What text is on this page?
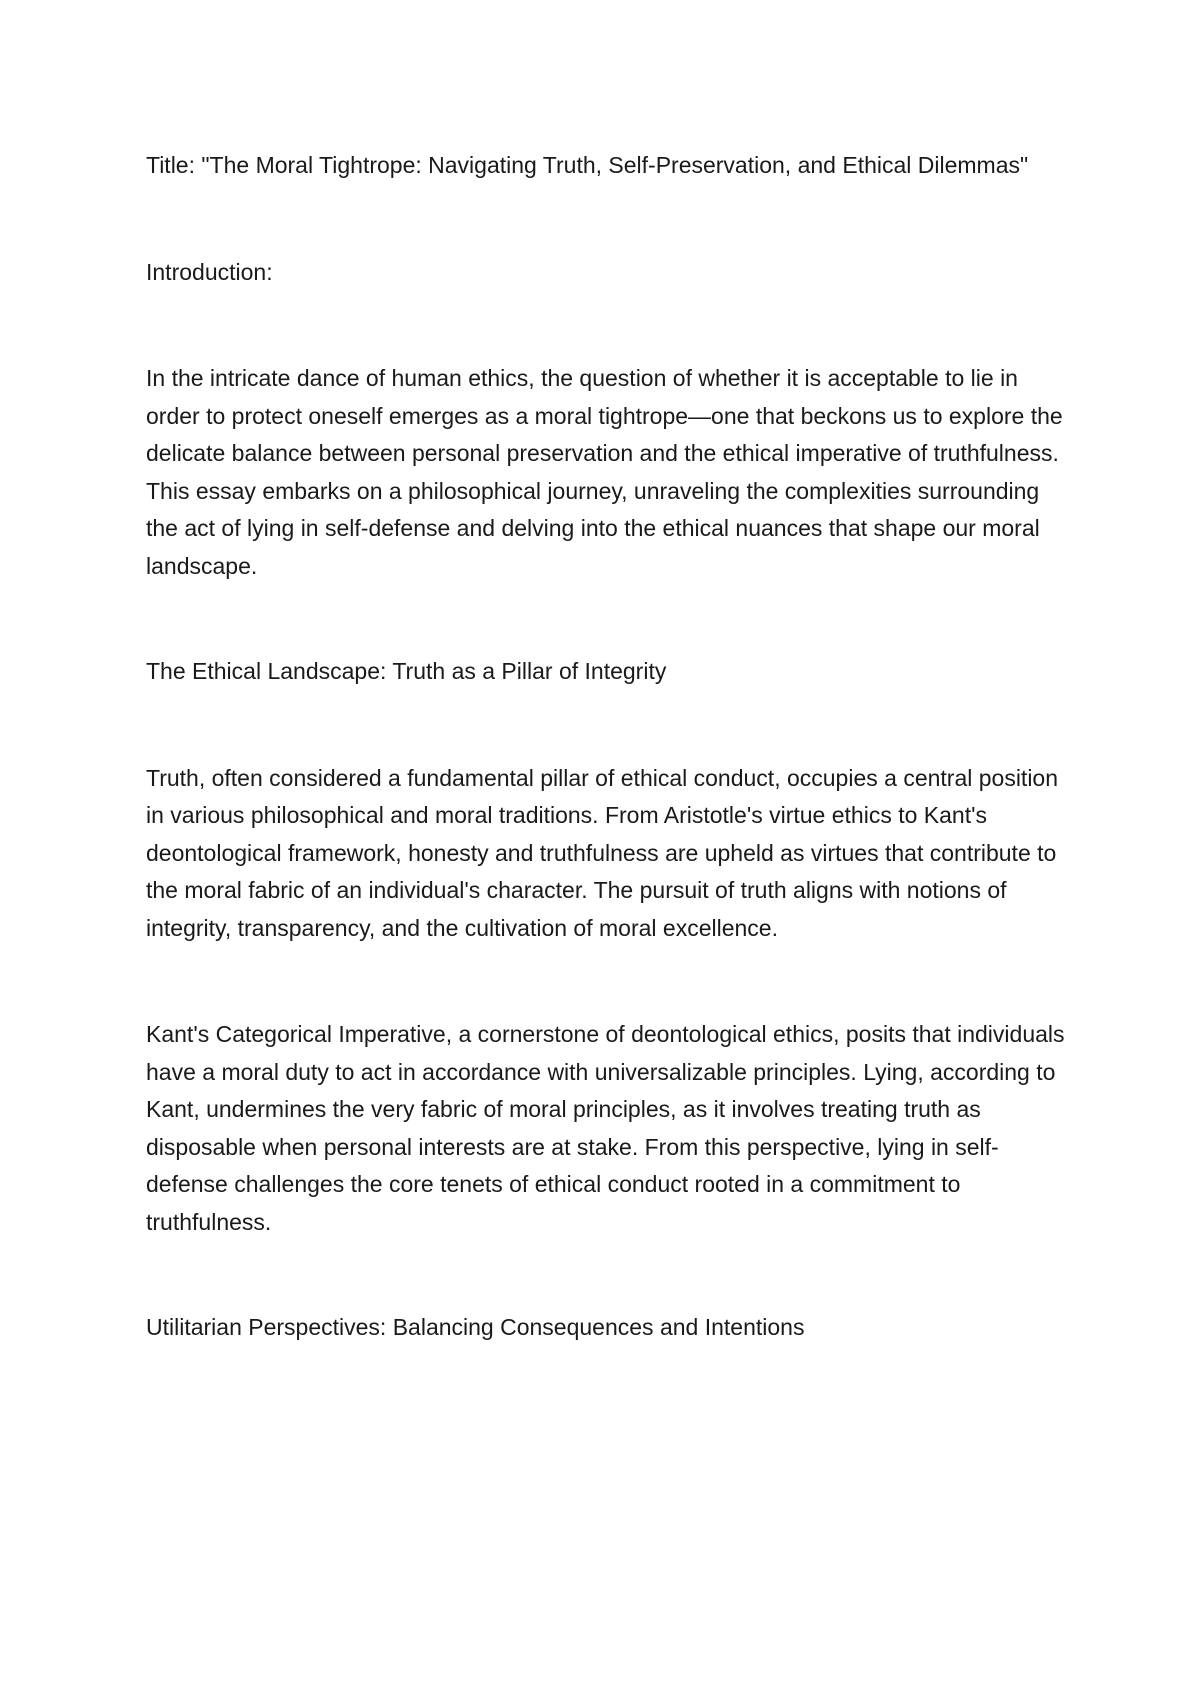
Title: "The Moral Tightrope: Navigating Truth, Self-Preservation, and Ethical Dilemmas"

Introduction:

In the intricate dance of human ethics, the question of whether it is acceptable to lie in order to protect oneself emerges as a moral tightrope—one that beckons us to explore the delicate balance between personal preservation and the ethical imperative of truthfulness. This essay embarks on a philosophical journey, unraveling the complexities surrounding the act of lying in self-defense and delving into the ethical nuances that shape our moral landscape.

The Ethical Landscape: Truth as a Pillar of Integrity

Truth, often considered a fundamental pillar of ethical conduct, occupies a central position in various philosophical and moral traditions. From Aristotle's virtue ethics to Kant's deontological framework, honesty and truthfulness are upheld as virtues that contribute to the moral fabric of an individual's character. The pursuit of truth aligns with notions of integrity, transparency, and the cultivation of moral excellence.

Kant's Categorical Imperative, a cornerstone of deontological ethics, posits that individuals have a moral duty to act in accordance with universalizable principles. Lying, according to Kant, undermines the very fabric of moral principles, as it involves treating truth as disposable when personal interests are at stake. From this perspective, lying in self-defense challenges the core tenets of ethical conduct rooted in a commitment to truthfulness.

Utilitarian Perspectives: Balancing Consequences and Intentions
